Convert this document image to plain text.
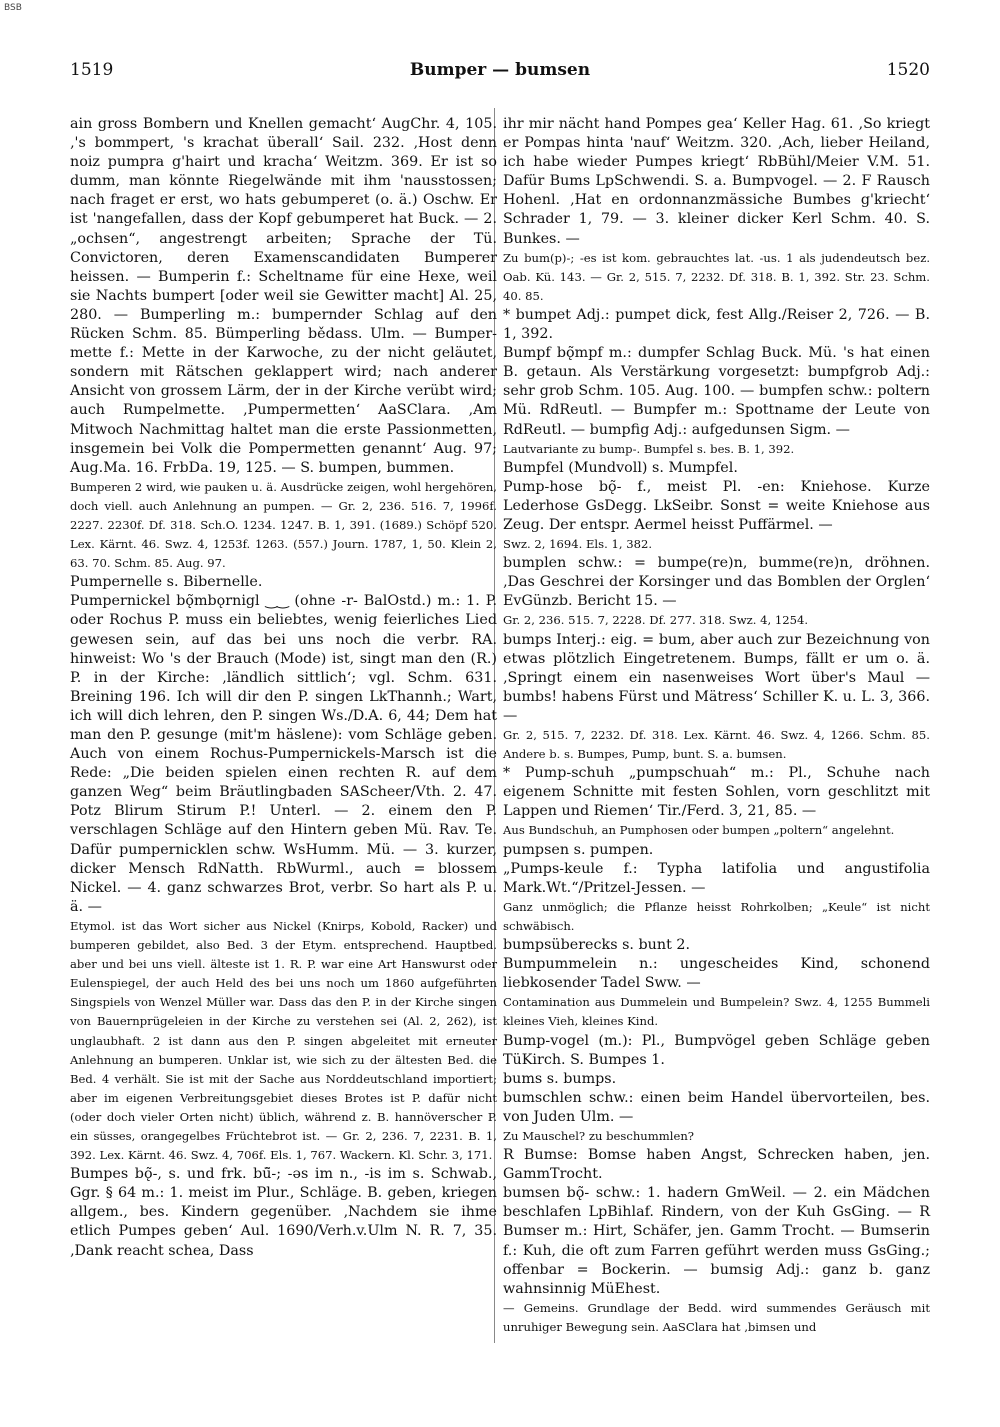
BSB
1519	Bumper — bumsen	1520

ain gross Bombern und Knellen gemacht‘ AugChr. 4, 105. ‚'s bommpert, 's krachat überall‘ Sail. 232. ‚Host denn noiz pumpra g'hairt und kracha‘ Weitzm. 369. Er ist so dumm, man könnte Riegelwände mit ihm 'nausstossen; nach fraget er erst, wo hats gebumperet (o. ä.) Oschw. Er ist 'nangefallen, dass der Kopf gebumperet hat Buck. — 2. „ochsen“, angestrengt arbeiten; Sprache der Tü. Convictoren, deren Examenscandidaten Bumperer heissen. — Bumperin f.: Scheltname für eine Hexe, weil sie Nachts bumpert [oder weil sie Gewitter macht] Al. 25, 280. — Bumperling m.: bumpernder Schlag auf den Rücken Schm. 85. Bümperling bědass. Ulm. — Bumper-mette f.: Mette in der Karwoche, zu der nicht geläutet, sondern mit Rätschen geklappert wird; nach anderer Ansicht von grossem Lärm, der in der Kirche verübt wird; auch Rumpelmette. ‚Pumpermetten‘ AaSClara. ‚Am Mitwoch Nachmittag haltet man die erste Passionmetten, insgemein bei Volk die Pompermetten genannt‘ Aug. 97; Aug.Ma. 16. FrbDa. 19, 125. — S. bumpen, bummen.

Bumperen 2 wird, wie pauken u. ä. Ausdrücke zeigen, wohl hergehören, doch viell. auch Anlehnung an pumpen. — Gr. 2, 236. 516. 7, 1996f. 2227. 2230f. Df. 318. Sch.O. 1234. 1247. B. 1, 391. (1689.) Schöpf 520. Lex. Kärnt. 46. Swz. 4, 1253f. 1263. (557.) Journ. 1787, 1, 50. Klein 2, 63. 70. Schm. 85. Aug. 97.

Pumpernelle s. Bibernelle.

Pumpernickel bǫ̃mbǫrnigl ‿‿ (ohne -r- BalOstd.) m.: 1. P. oder Rochus P. muss ein beliebtes, wenig feierliches Lied gewesen sein, auf das bei uns noch die verbr. RA. hinweist: Wo 's der Brauch (Mode) ist, singt man den (R.) P. in der Kirche: ‚ländlich sittlich‘; vgl. Schm. 631. Breining 196. Ich will dir den P. singen LkThannh.; Wart, ich will dich lehren, den P. singen Ws./D.A. 6, 44; Dem hat man den P. gesunge (mit'm häslene): vom Schläge geben. Auch von einem Rochus-Pumpernickels-Marsch ist die Rede: „Die beiden spielen einen rechten R. auf dem ganzen Weg“ beim Bräutlingbaden SAScheer/Vth. 2. 47. Potz Blirum Stirum P.! Unterl. — 2. einem den P. verschlagen Schläge auf den Hintern geben Mü. Rav. Te. Dafür pumpernicklen schw. WsHumm. Mü. — 3. kurzer, dicker Mensch RdNatth. RbWurml., auch = blossem Nickel. — 4. ganz schwarzes Brot, verbr. So hart als P. u. ä. —

Etymol. ist das Wort sicher aus Nickel (Knirps, Kobold, Racker) und bumperen gebildet, also Bed. 3 der Etym. entsprechend. Hauptbed. aber und bei uns viell. älteste ist 1. R. P. war eine Art Hanswurst oder Eulenspiegel, der auch Held des bei uns noch um 1860 aufgeführten Singspiels von Wenzel Müller war. Dass das den P. in der Kirche singen von Bauernprügeleien in der Kirche zu verstehen sei (Al. 2, 262), ist unglaubhaft. 2 ist dann aus den P. singen abgeleitet mit erneuter Anlehnung an bumperen. Unklar ist, wie sich zu der ältesten Bed. die Bed. 4 verhält. Sie ist mit der Sache aus Norddeutschland importiert; aber im eigenen Verbreitungsgebiet dieses Brotes ist P. dafür nicht (oder doch vieler Orten nicht) üblich, während z. B. hannöverscher P. ein süsses, orangegelbes Früchtebrot ist. — Gr. 2, 236. 7, 2231. B. 1, 392. Lex. Kärnt. 46. Swz. 4, 706f. Els. 1, 767. Wackern. Kl. Schr. 3, 171.

Bumpes bǫ̃-, s. und frk. bū̃-; -əs im n., -is im s. Schwab., Ggr. § 64 m.: 1. meist im Plur., Schläge. B. geben, kriegen allgem., bes. Kindern gegenüber. ‚Nachdem sie ihme etlich Pumpes geben‘ Aul. 1690/Verh.v.Ulm N. R. 7, 35. ‚Dank reacht schea, Dass

ihr mir nächt hand Pompes gea‘ Keller Hag. 61. ‚So kriegt er Pompas hinta 'nauf‘ Weitzm. 320. ‚Ach, lieber Heiland, ich habe wieder Pumpes kriegt‘ RbBühl/Meier V.M. 51. Dafür Bums LpSchwendi. S. a. Bumpvogel. — 2. F Rausch Hohenl. ‚Hat en ordonnanzmässiche Bumbes g'kriecht‘ Schrader 1, 79. — 3. kleiner dicker Kerl Schm. 40. S. Bunkes. —

Zu bum(p)-; -es ist kom. gebrauchtes lat. -us. 1 als judendeutsch bez. Oab. Kü. 143. — Gr. 2, 515. 7, 2232. Df. 318. B. 1, 392. Str. 23. Schm. 40. 85.

* bumpet Adj.: pumpet dick, fest Allg./Reiser 2, 726. — B. 1, 392.

Bumpf bǫ̃mpf m.: dumpfer Schlag Buck. Mü. 's hat einen B. getaun. Als Verstärkung vorgesetzt: bumpfgrob Adj.: sehr grob Schm. 105. Aug. 100. — bumpfen schw.: poltern Mü. RdReutl. — Bumpfer m.: Spottname der Leute von RdReutl. — bumpfig Adj.: aufgedunsen Sigm. —

Lautvariante zu bump-. Bumpfel s. bes. B. 1, 392.

Bumpfel (Mundvoll) s. Mumpfel.

Pump-hose bǫ̃- f., meist Pl. -en: Kniehose. Kurze Lederhose GsDegg. LkSeibr. Sonst = weite Kniehose aus Zeug. Der entspr. Aermel heisst Puffärmel. —

Swz. 2, 1694. Els. 1, 382.

bumplen schw.: = bumpe(re)n, bumme(re)n, dröhnen. ‚Das Geschrei der Korsinger und das Bomblen der Orglen‘ EvGünzb. Bericht 15. —

Gr. 2, 236. 515. 7, 2228. Df. 277. 318. Swz. 4, 1254.

bumps Interj.: eig. = bum, aber auch zur Bezeichnung von etwas plötzlich Eingetretenem. Bumps, fällt er um o. ä. ‚Springt einem ein nasenweises Wort über's Maul — bumbs! habens Fürst und Mätress‘ Schiller K. u. L. 3, 366. —

Gr. 2, 515. 7, 2232. Df. 318. Lex. Kärnt. 46. Swz. 4, 1266. Schm. 85. Andere b. s. Bumpes, Pump, bunt. S. a. bumsen.

* Pump-schuh „pumpschuah“ m.: Pl., Schuhe nach eigenem Schnitte mit festen Sohlen, vorn geschlitzt mit Lappen und Riemen‘ Tir./Ferd. 3, 21, 85. —

Aus Bundschuh, an Pumphosen oder bumpen „poltern“ angelehnt.

pumpsen s. pumpen.

„Pumps-keule f.: Typha latifolia und angustifolia Mark.Wt.“/Pritzel-Jessen. —

Ganz unmöglich; die Pflanze heisst Rohrkolben; „Keule“ ist nicht schwäbisch.

bumpsüberecks s. bunt 2.

Bumpummelein n.: ungescheides Kind, schonend liebkosender Tadel Sww. —

Contamination aus Dummelein und Bumpelein? Swz. 4, 1255 Bummeli kleines Vieh, kleines Kind.

Bump-vogel (m.): Pl., Bumpvögel geben Schläge geben TüKirch. S. Bumpes 1.

bums s. bumps.

bumschlen schw.: einen beim Handel übervorteilen, bes. von Juden Ulm. —

Zu Mauschel? zu beschummlen?

R Bumse: Bomse haben Angst, Schrecken haben, jen. GammTrocht.

bumsen bǫ̃- schw.: 1. hadern GmWeil. — 2. ein Mädchen beschlafen LpBihlaf. Rindern, von der Kuh GsGing. — R Bumser m.: Hirt, Schäfer, jen. Gamm Trocht. — Bumserin f.: Kuh, die oft zum Farren geführt werden muss GsGing.; offenbar = Bockerin. — bumsig Adj.: ganz b. ganz wahnsinnig MüEhest.

— Gemeins. Grundlage der Bedd. wird summendes Geräusch mit unruhiger Bewegung sein. AaSClara hat ‚bimsen und
